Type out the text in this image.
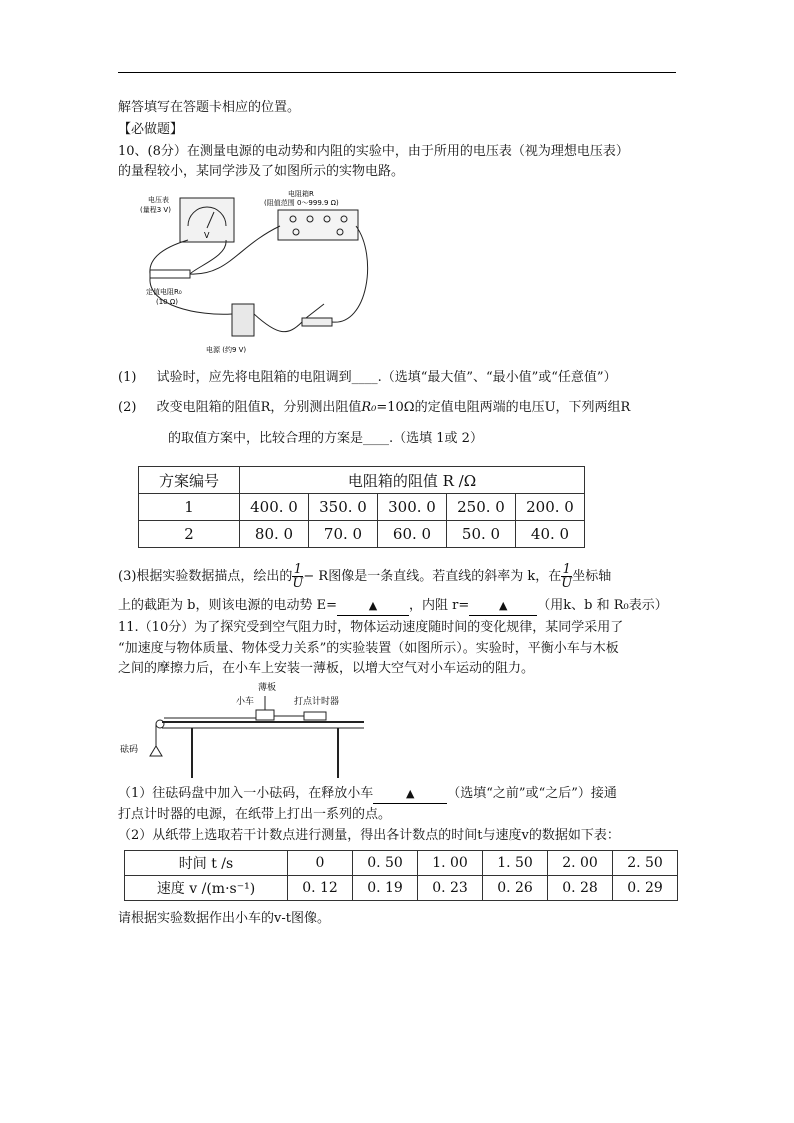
解答填写在答题卡相应的位置。
【必做题】
10、(8分）在测量电源的电动势和内阻的实验中，由于所用的电压表（视为理想电压表）
的量程较小，某同学涉及了如图所示的实物电路。
电压表
(量程3 V)
V
电阻箱R
(阻值范围 0～999.9 Ω)
定值电阻R₀
(10 Ω)
电源 (约9 V)
(1) 试验时，应先将电阻箱的电阻调到____.（选填“最大值”、“最小值”或“任意值”）
(2) 改变电阻箱的阻值R，分别测出阻值R₀=10Ω的定值电阻两端的电压U，下列两组R
的取值方案中，比较合理的方案是____.（选填 1或 2）
方案编号	电阻箱的阻值 R /Ω				
1	400. 0	350. 0	300. 0	250. 0	200. 0
2	80. 0	70. 0	60. 0	50. 0	40. 0
(3)根据实验数据描点，绘出的 $\frac{1}{U} - R$图像是一条直线。若直线的斜率为 k，在 $\frac{1}{U}$ 坐标轴
上的截距为 b，则该电源的电动势 E=	▲ ，内阻 r=	▲ （用k、b 和 R₀表示）
11.（10分）为了探究受到空气阻力时，物体运动速度随时间的变化规律，某同学采用了
“加速度与物体质量、物体受力关系”的实验装置（如图所示）。实验时，平衡小车与木板
之间的摩擦力后，在小车上安装一薄板，以增大空气对小车运动的阻力。
薄板
小车	打点计时器
砝码
（1）往砝码盘中加入一小砝码，在释放小车	▲	（选填“之前”或“之后”）接通
打点计时器的电源，在纸带上打出一系列的点。
（2）从纸带上选取若干计数点进行测量，得出各计数点的时间t与速度v的数据如下表：
时间 t /s	0	0. 50	1. 00	1. 50	2. 00	2. 50
速度 v /(m·s⁻¹)	0. 12	0. 19	0. 23	0. 26	0. 28	0. 29
请根据实验数据作出小车的v-t图像。
